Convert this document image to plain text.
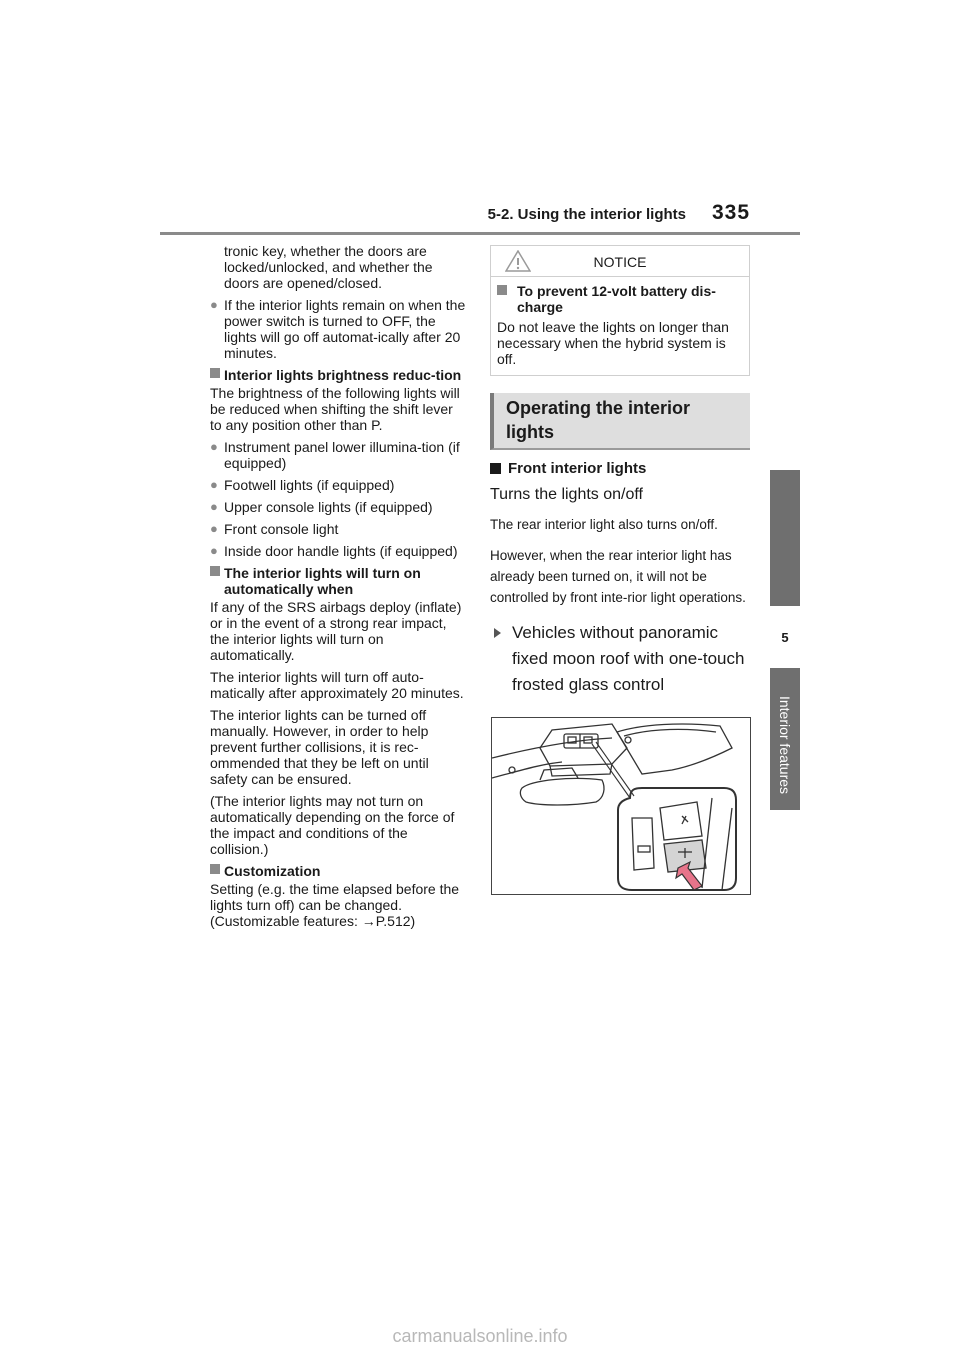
5-2. Using the interior lights 335
5
Interior features

tronic key, whether the doors are locked/unlocked, and whether the doors are opened/closed.

● If the interior lights remain on when the power switch is turned to OFF, the lights will go off automat-ically after 20 minutes.
Interior lights brightness reduc-tion

The brightness of the following lights will be reduced when shifting the shift lever to any position other than P.

● Instrument panel lower illumina-tion (if equipped)
● Footwell lights (if equipped)
● Upper console lights (if equipped)
● Front console light
● Inside door handle lights (if equipped)
The interior lights will turn on automatically when

If any of the SRS airbags deploy (inflate) or in the event of a strong rear impact, the interior lights will turn on automatically.

The interior lights will turn off auto-matically after approximately 20 minutes.

The interior lights can be turned off manually. However, in order to help prevent further collisions, it is rec-ommended that they be left on until safety can be ensured.

(The interior lights may not turn on automatically depending on the force of the impact and conditions of the collision.)

Customization

Setting (e.g. the time elapsed before the lights turn off) can be changed. (Customizable features: →P.512)

NOTICE
To prevent 12-volt battery dis-charge
Do not leave the lights on longer than necessary when the hybrid system is off.
Operating the interior lights
Front interior lights
Turns the lights on/off
The rear interior light also turns on/off.
However, when the rear interior light has already been turned on, it will not be controlled by front inte-rior light operations.
Vehicles without panoramic fixed moon roof with one-touch frosted glass control
carmanualsonline.info
